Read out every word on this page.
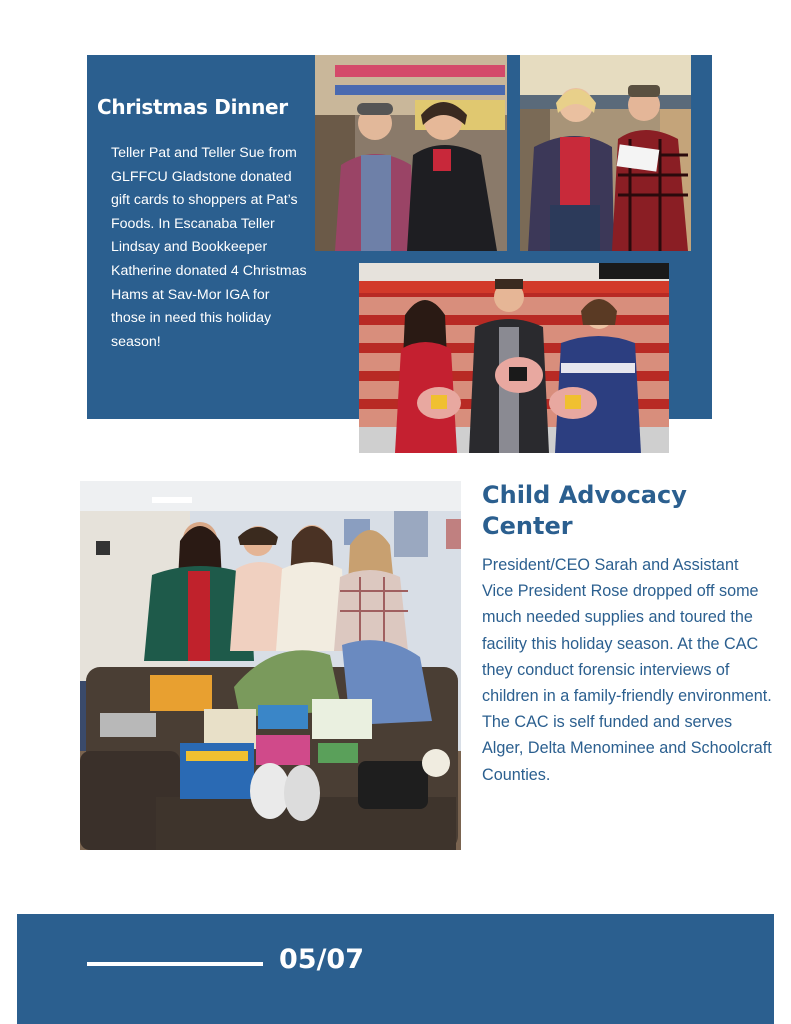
Christmas Dinner
Teller Pat and Teller Sue from GLFFCU Gladstone donated gift cards to shoppers at Pat’s Foods. In Escanaba Teller Lindsay and Bookkeeper Katherine donated 4 Christmas Hams at Sav-Mor IGA for those in need this holiday season!
Child Advocacy Center
President/CEO Sarah and Assistant Vice President Rose dropped off some much needed supplies and toured the facility this holiday season. At the CAC they conduct forensic interviews of children in a family-friendly environment. The CAC is self funded and serves Alger, Delta Menominee and Schoolcraft Counties.
05/07
